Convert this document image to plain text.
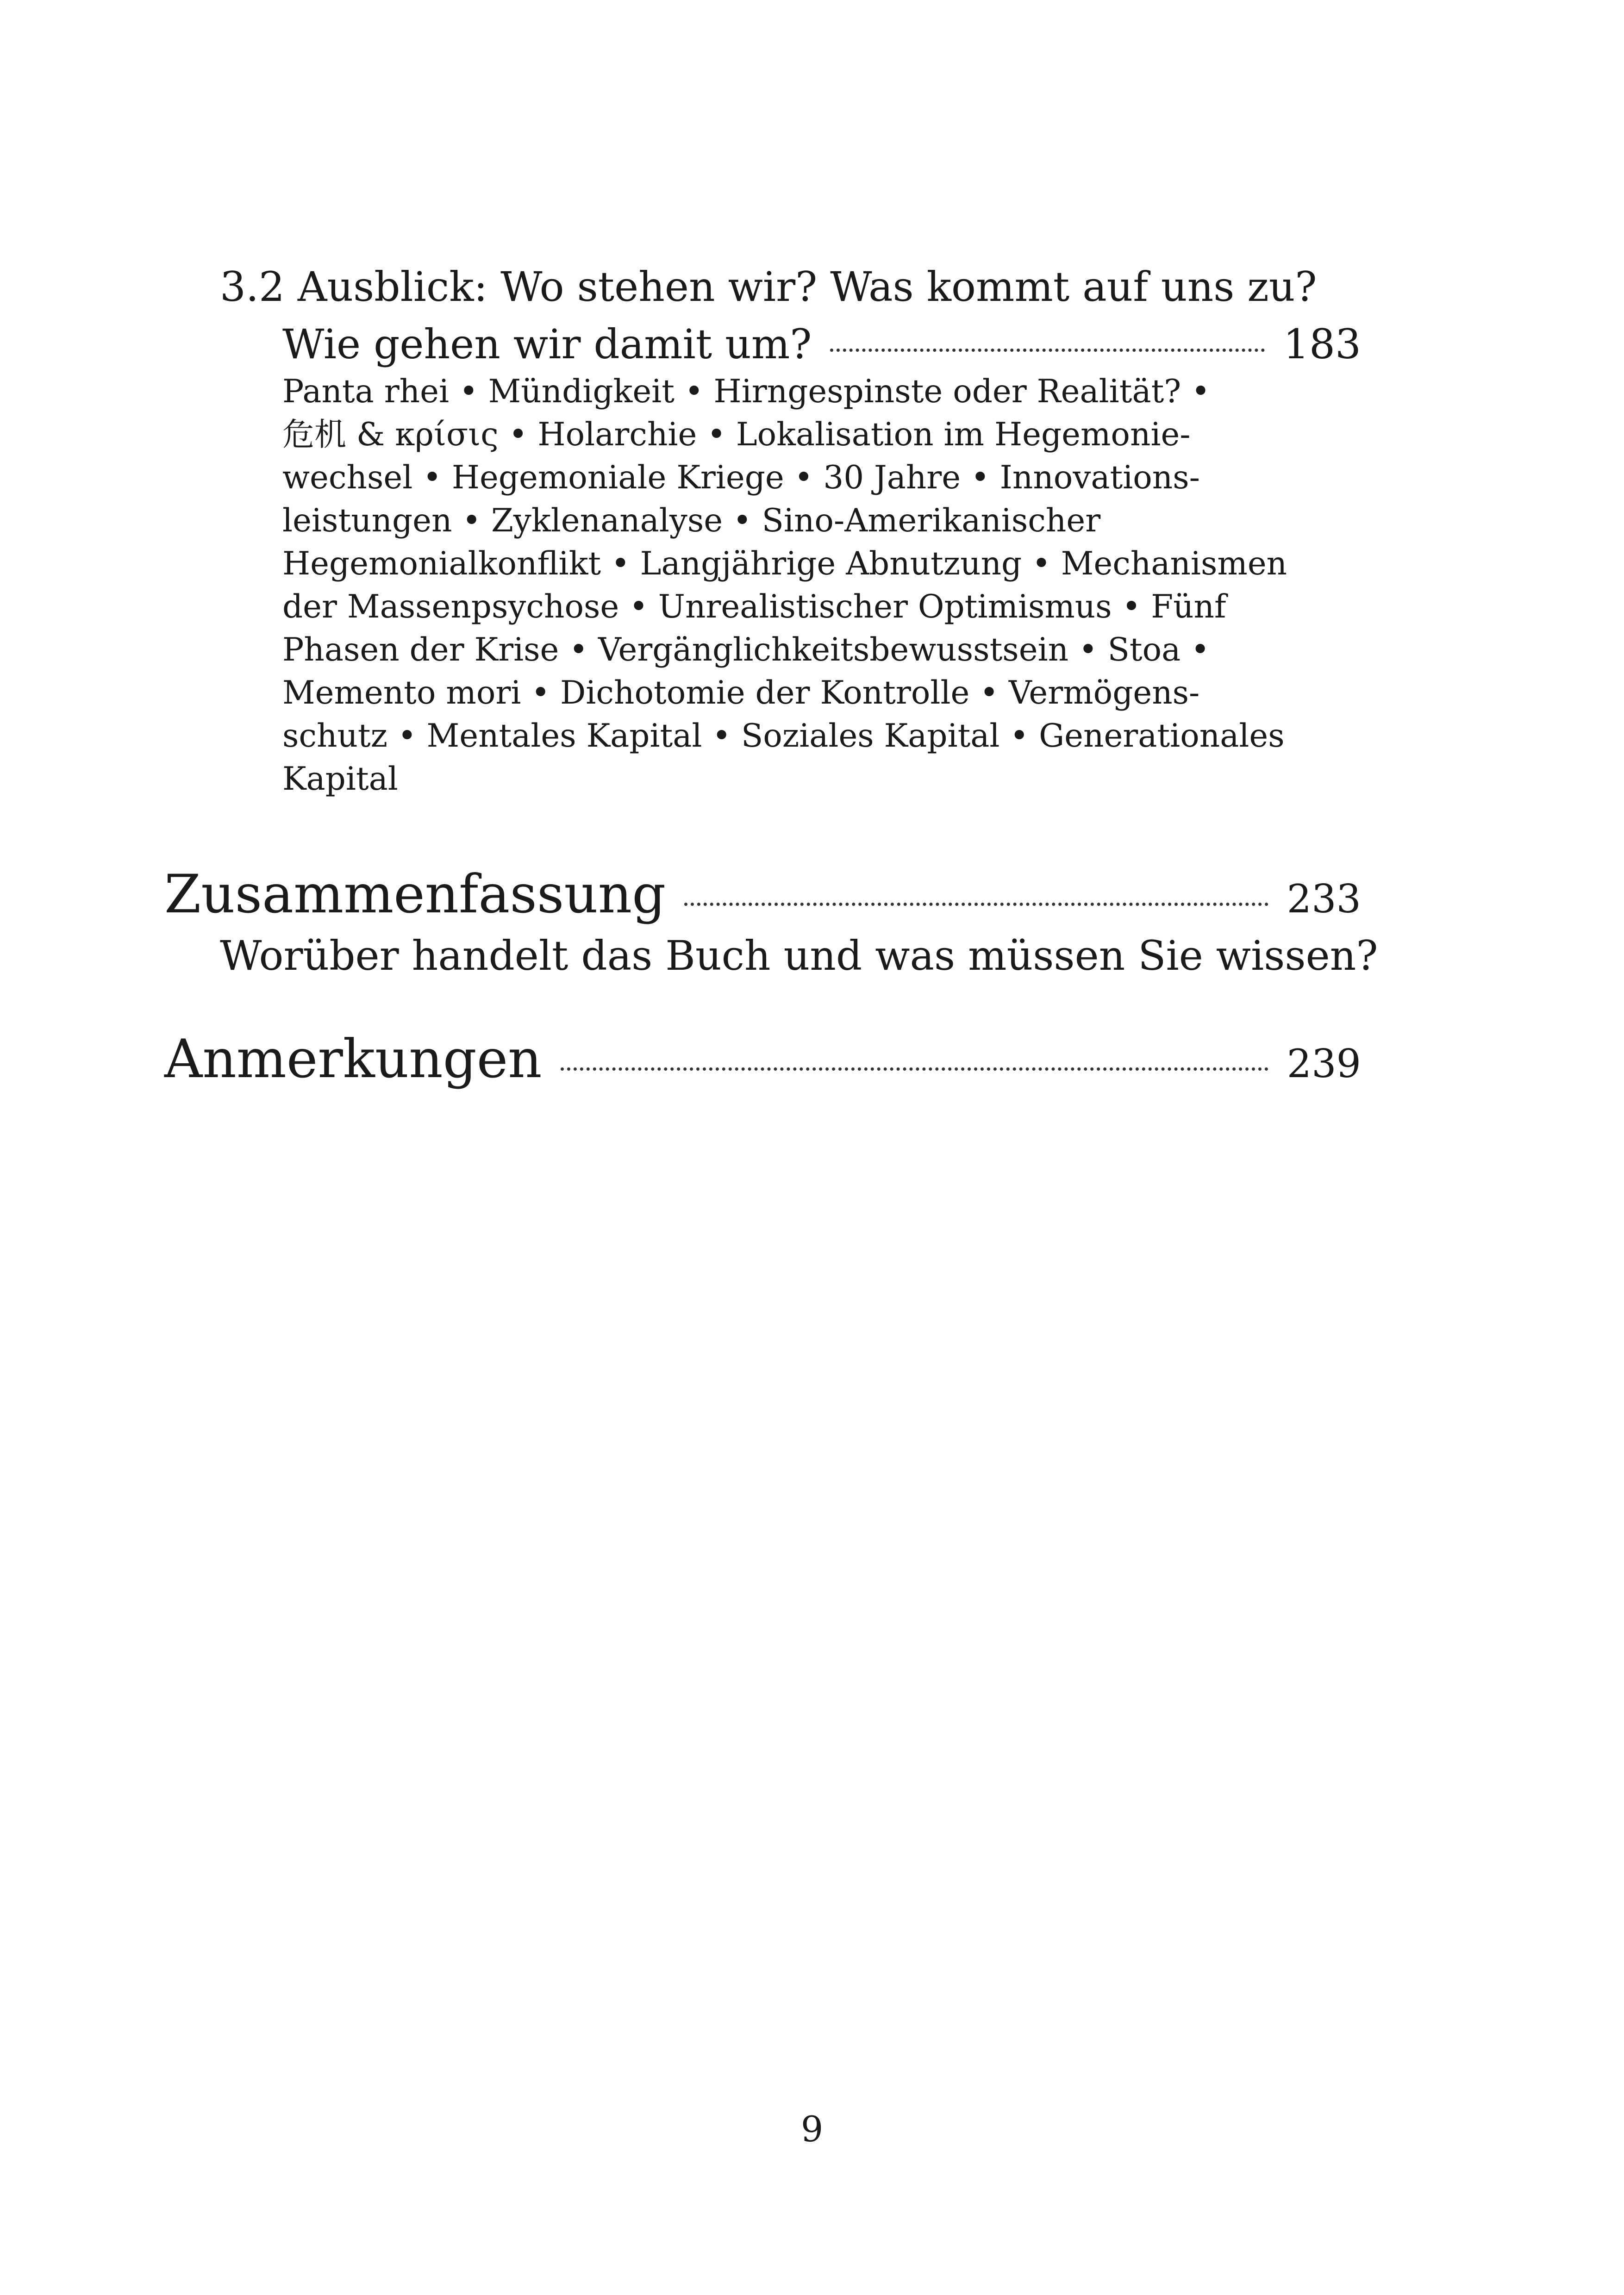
3.2 Ausblick: Wo stehen wir? Was kommt auf uns zu?
Wie gehen wir damit um?	183
Panta rhei • Mündigkeit • Hirngespinste oder Realität? •
危机 & κρίσις • Holarchie • Lokalisation im Hegemonie-
wechsel • Hegemoniale Kriege • 30 Jahre • Innovations-
leistungen • Zyklenanalyse • Sino-Amerikanischer
Hegemonialkonflikt • Langjährige Abnutzung • Mechanismen
der Massenpsychose • Unrealistischer Optimismus • Fünf
Phasen der Krise • Vergänglichkeitsbewusstsein • Stoa •
Memento mori • Dichotomie der Kontrolle • Vermögens-
schutz • Mentales Kapital • Soziales Kapital • Generationales
Kapital
Zusammenfassung	233
Worüber handelt das Buch und was müssen Sie wissen?
Anmerkungen	239
9
